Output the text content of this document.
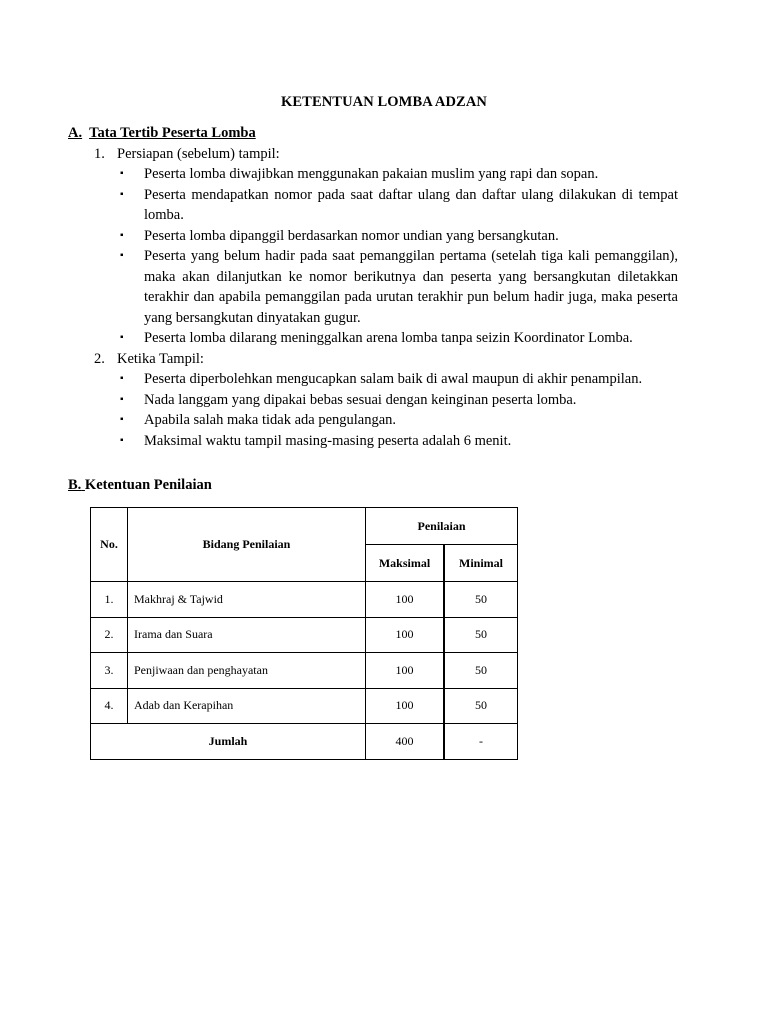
KETENTUAN LOMBA ADZAN
A. Tata Tertib Peserta Lomba
1. Persiapan (sebelum) tampil:
▪ Peserta lomba diwajibkan menggunakan pakaian muslim yang rapi dan sopan.
▪ Peserta mendapatkan nomor pada saat daftar ulang dan daftar ulang dilakukan di tempat lomba.
▪ Peserta lomba dipanggil berdasarkan nomor undian yang bersangkutan.
▪ Peserta yang belum hadir pada saat pemanggilan pertama (setelah tiga kali pemanggilan), maka akan dilanjutkan ke nomor berikutnya dan peserta yang bersangkutan diletakkan terakhir dan apabila pemanggilan pada urutan terakhir pun belum hadir juga, maka peserta yang bersangkutan dinyatakan gugur.
▪ Peserta lomba dilarang meninggalkan arena lomba tanpa seizin Koordinator Lomba.
2. Ketika Tampil:
▪ Peserta diperbolehkan mengucapkan salam baik di awal maupun di akhir penampilan.
▪ Nada langgam yang dipakai bebas sesuai dengan keinginan peserta lomba.
▪ Apabila salah maka tidak ada pengulangan.
▪ Maksimal waktu tampil masing-masing peserta adalah 6 menit.
B. Ketentuan Penilaian
No.	Bidang Penilaian	Penilaian	
		Maksimal	Minimal
1.	Makhraj & Tajwid	100	50
2.	Irama dan Suara	100	50
3.	Penjiwaan dan penghayatan	100	50
4.	Adab dan Kerapihan	100	50
Jumlah		400	-
